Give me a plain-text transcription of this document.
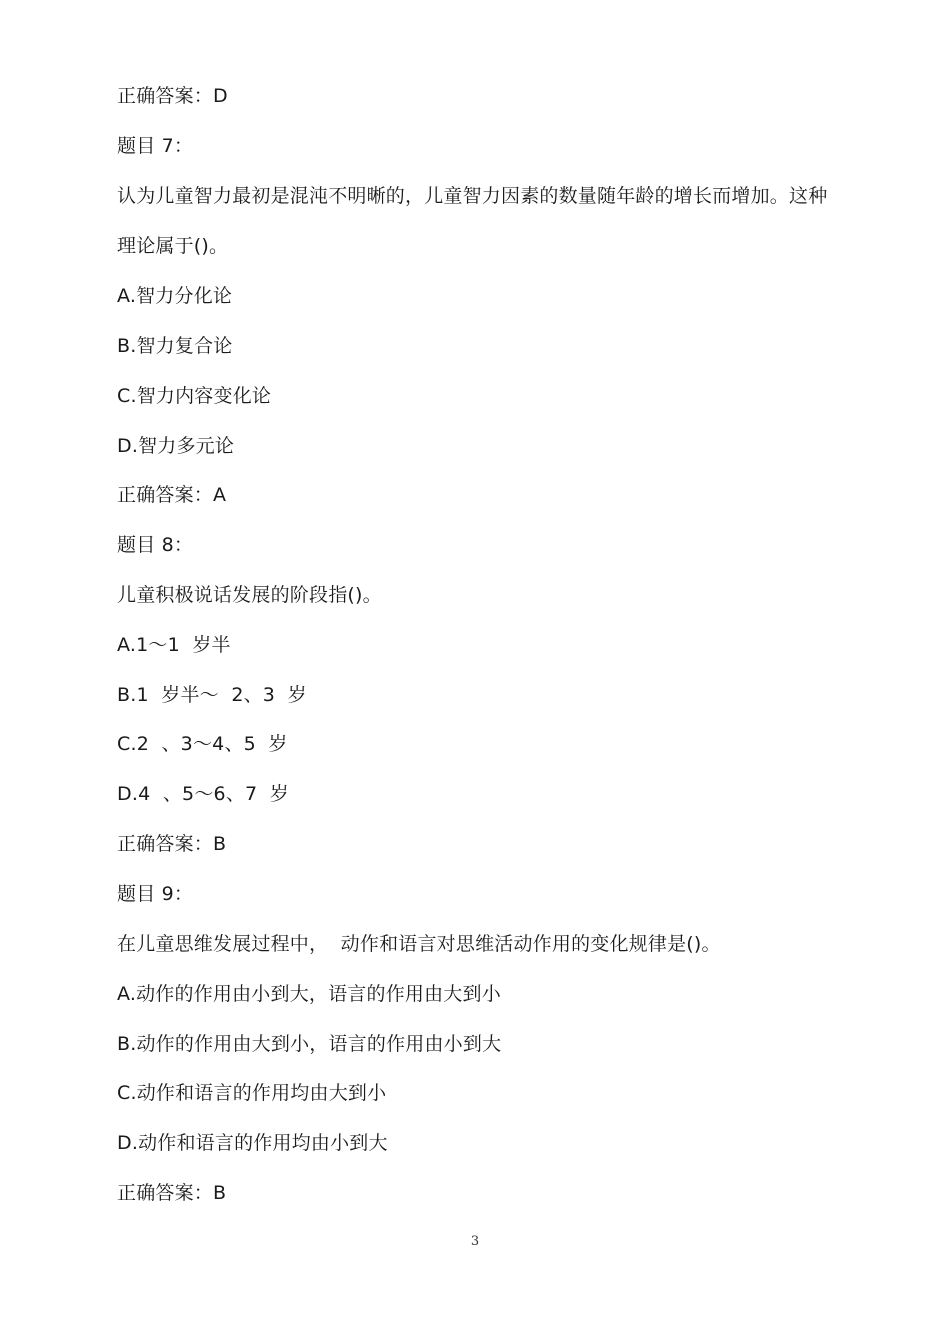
正确答案：D
题目 7：
认为儿童智力最初是混沌不明晰的，儿童智力因素的数量随年龄的增长而增加。这种
理论属于()。
A.智力分化论
B.智力复合论
C.智力内容变化论
D.智力多元论
正确答案：A
题目 8：
儿童积极说话发展的阶段指()。
A.1～1  岁半
B.1  岁半～  2、3  岁
C.2  、3～4、5  岁
D.4  、5～6、7  岁
正确答案：B
题目 9：
在儿童思维发展过程中，  动作和语言对思维活动作用的变化规律是()。
A.动作的作用由小到大，语言的作用由大到小
B.动作的作用由大到小，语言的作用由小到大
C.动作和语言的作用均由大到小
D.动作和语言的作用均由小到大
正确答案：B
3
